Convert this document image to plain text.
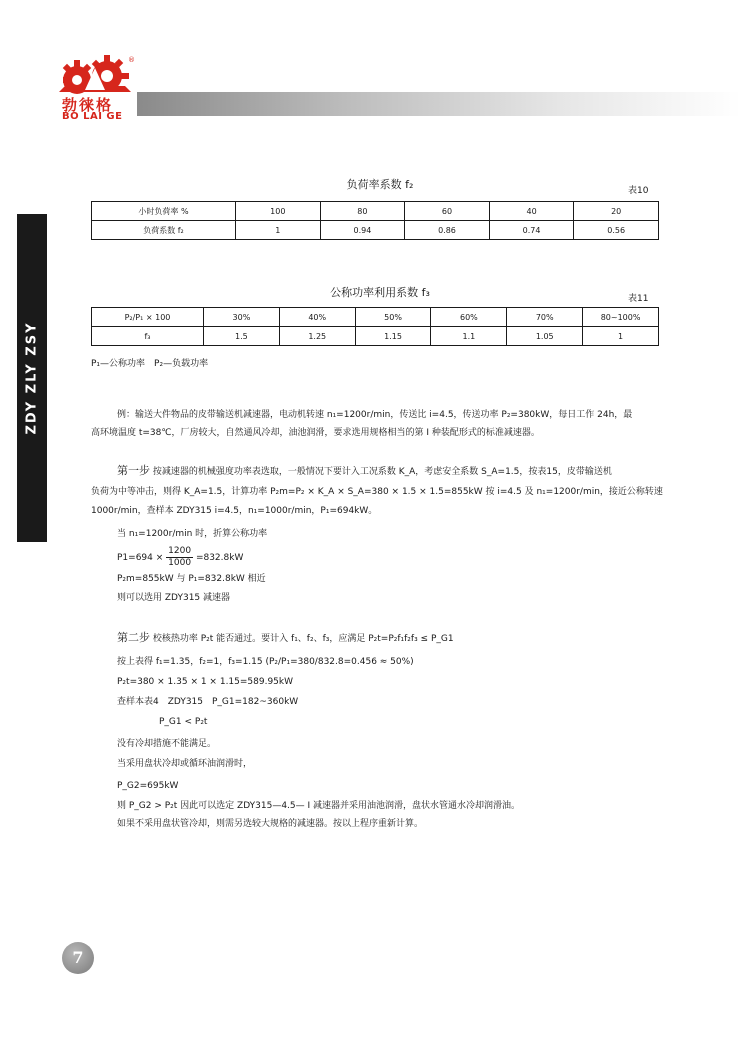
®
勃徕格
BO LAI GE
ZDY ZLY ZSY
负荷率系数 f₂	表10
小时负荷率 %	100	80	60	40	20
负荷系数 f₂	1	0.94	0.86	0.74	0.56
公称功率利用系数 f₃	表11
P₂/P₁ × 100	30%	40%	50%	60%	70%	80~100%
f₃	1.5	1.25	1.15	1.1	1.05	1
P₁—公称功率　P₂—负载功率
例：输送大件物品的皮带输送机减速器，电动机转速 n₁=1200r/min，传送比 i=4.5，传送功率 P₂=380kW，每日工作 24h，最
高环境温度 t=38℃，厂房较大，自然通风冷却，油池润滑，要求选用规格相当的第 I 种装配形式的标准减速器。
第一步 按减速器的机械强度功率表选取，一般情况下要计入工况系数 K_A，考虑安全系数 S_A=1.5，按表15，皮带输送机
负荷为中等冲击，则得 K_A=1.5，计算功率 P₂m=P₂ × K_A × S_A=380 × 1.5 × 1.5=855kW 按 i=4.5 及 n₁=1200r/min，接近公称转速
1000r/min，查样本 ZDY315 i=4.5，n₁=1000r/min，P₁=694kW。
当 n₁=1200r/min 时，折算公称功率
$P1=694 \times \frac{1200}{1000} =832.8kW$
P₂m=855kW 与 P₁=832.8kW 相近
则可以选用 ZDY315 减速器
第二步 校核热功率 P₂t 能否通过。要计入 f₁、f₂、f₃，应满足 P₂t=P₂f₁f₂f₃ ≤ P_G1
按上表得 f₁=1.35，f₂=1，f₃=1.15 (P₂/P₁=380/832.8=0.456 ≈ 50%)
P₂t=380 × 1.35 × 1 × 1.15=589.95kW
查样本表4　ZDY315　P_G1=182~360kW
P_G1 < P₂t
没有冷却措施不能满足。
当采用盘状冷却或循环油润滑时，
P_G2=695kW
则 P_G2 > P₂t 因此可以选定 ZDY315—4.5— I 减速器并采用油池润滑，盘状水管通水冷却润滑油。
如果不采用盘状管冷却，则需另选较大规格的减速器。按以上程序重新计算。
7
